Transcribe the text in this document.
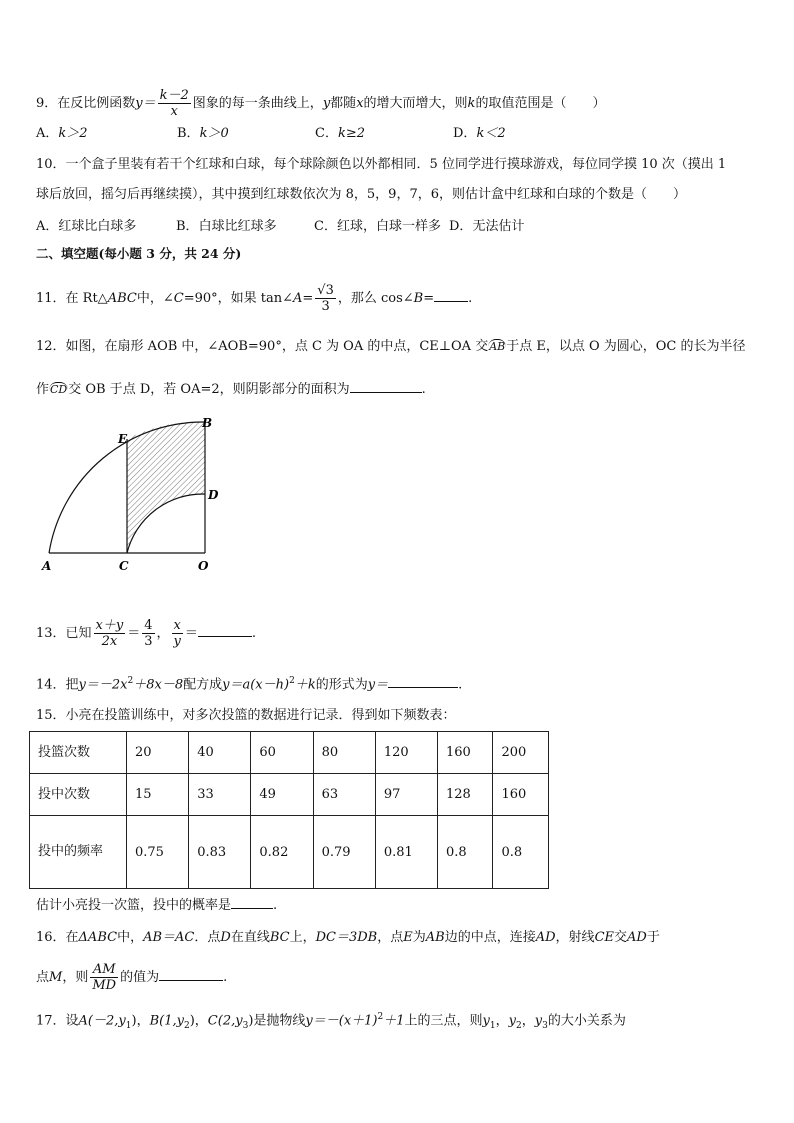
9．在反比例函数$y= \frac{k-2}{x}$ 图象的每一条曲线上，y都随x的增大而增大，则k的取值范围是（　　）
A．k＞2	B．k＞0	C．k≥2	D．k＜2
10．一个盒子里装有若干个红球和白球，每个球除颜色以外都相同．5 位同学进行摸球游戏，每位同学摸 10 次（摸出 1
球后放回，摇匀后再继续摸），其中摸到红球数依次为 8，5，9，7，6，则估计盒中红球和白球的个数是（　　）
A．红球比白球多	B．白球比红球多	C．红球，白球一样多 D．无法估计
二、填空题(每小题 3 分，共 24 分)
11．在 Rt△ABC中，∠C=90°，如果 tan∠A= $\frac{√3}{3}$ ，那么 cos∠B=	.
12．如图，在扇形 AOB 中，∠AOB=90°，点 C 为 OA 的中点，CE⊥OA 交AB于点 E，以点 O 为圆心，OC 的长为半径
作CD交 OB 于点 D，若 OA=2，则阴影部分的面积为	.
E
B
D
A	C	O
13．已知 $\frac{x+y}{2x} = \frac{4}{3}$ ， $\frac{x}{y}$ ＝	.
14．把$y=-2x^2+8x-8$配方成$y=a(x-h)^2+k$的形式为y＝	.
15．小亮在投篮训练中，对多次投篮的数据进行记录．得到如下频数表：
投篮次数	20	40	60	80	120	160	200
投中次数	15	33	49	63	97	128	160
投中的频率	0.75	0.83	0.82	0.79	0.81	0.8	0.8
估计小亮投一次篮，投中的概率是	.
16．在ΔABC中，AB＝AC．点D在直线BC上，DC＝3DB，点E为AB边的中点，连接AD，射线CE交AD于
点M，则 $\frac{AM}{MD}$ 的值为	.
17．设$A(-2,y_1)$，$B(1,y_2)$，$C(2,y_3)$是抛物线$y=-(x+1)^2+1$上的三点，则$y_1$，$y_2$，$y_3$的大小关系为
